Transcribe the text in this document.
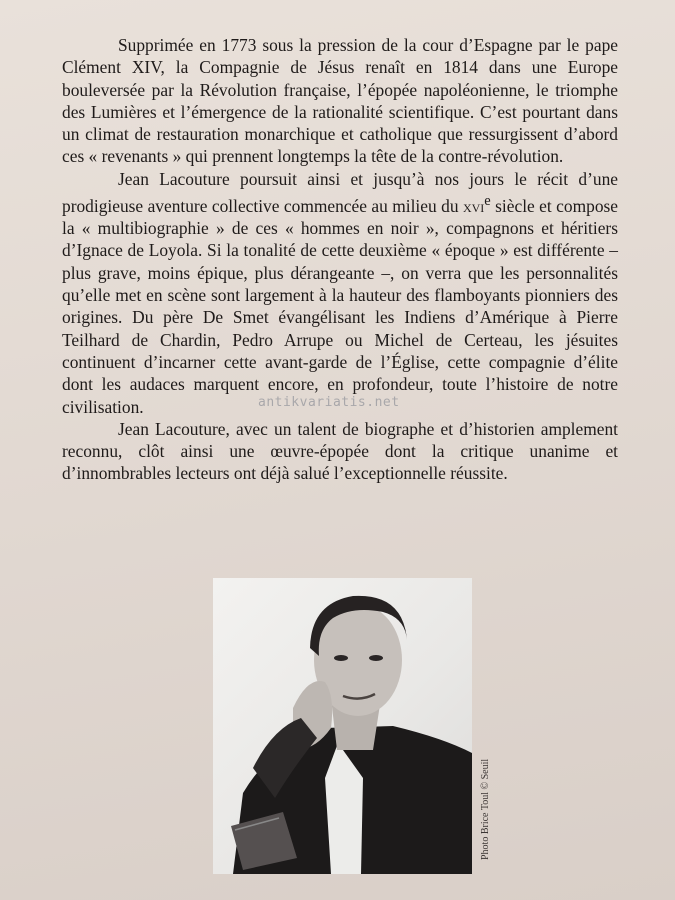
Supprimée en 1773 sous la pression de la cour d’Espagne par le pape Clément XIV, la Compagnie de Jésus renaît en 1814 dans une Europe bouleversée par la Révolution française, l’épopée napoléonienne, le triomphe des Lumières et l’émergence de la rationalité scientifique. C’est pourtant dans un climat de restauration monarchique et catholique que ressurgissent d’abord ces « revenants » qui prennent longtemps la tête de la contre-révolution.

Jean Lacouture poursuit ainsi et jusqu’à nos jours le récit d’une prodigieuse aventure collective commencée au milieu du xvi$^e$ siècle et compose la « multibiographie » de ces « hommes en noir », compagnons et héritiers d’Ignace de Loyola. Si la tonalité de cette deuxième « époque » est différente – plus grave, moins épique, plus dérangeante –, on verra que les personnalités qu’elle met en scène sont largement à la hauteur des flamboyants pionniers des origines. Du père De Smet évangélisant les Indiens d’Amérique à Pierre Teilhard de Chardin, Pedro Arrupe ou Michel de Certeau, les jésuites continuent d’incarner cette avant-garde de l’Église, cette compagnie d’élite dont les audaces marquent encore, en profondeur, toute l’histoire de notre civilisation.

Jean Lacouture, avec un talent de biographe et d’historien amplement reconnu, clôt ainsi une œuvre-épopée dont la critique unanime et d’innombrables lecteurs ont déjà salué l’exceptionnelle réussite.

antikvariatis.net
Photo Brice Toul © Seuil
